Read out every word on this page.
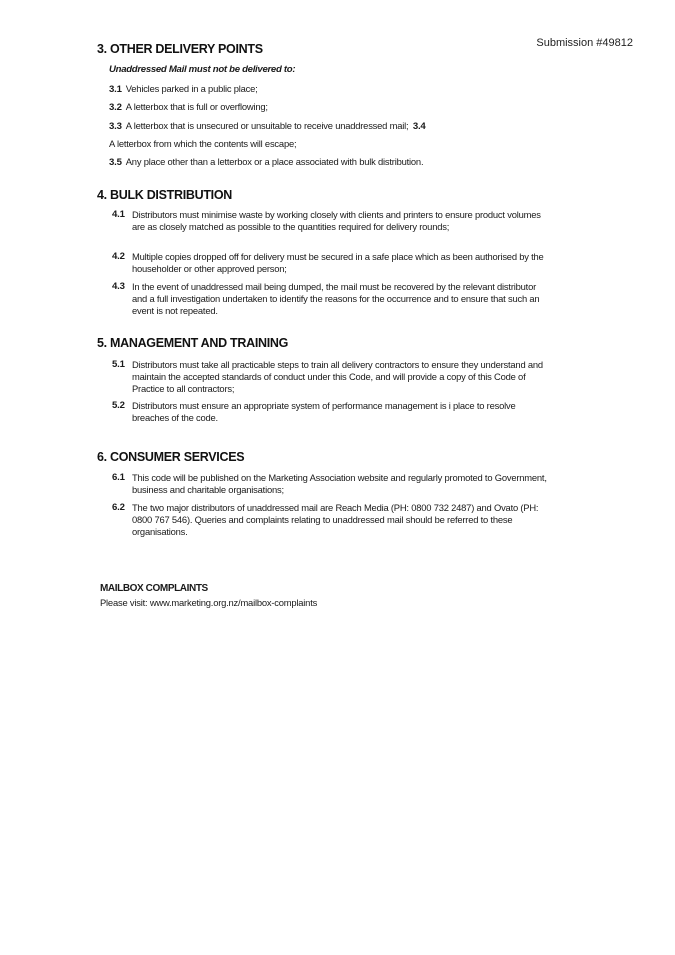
Submission #49812
3. OTHER DELIVERY POINTS
Unaddressed Mail must not be delivered to:
3.1 Vehicles parked in a public place;
3.2 A letterbox that is full or overflowing;
3.3 A letterbox that is unsecured or unsuitable to receive unaddressed mail; 3.4
A letterbox from which the contents will escape;
3.5 Any place other than a letterbox or a place associated with bulk distribution.
4. BULK DISTRIBUTION
4.1 Distributors must minimise waste by working closely with clients and printers to ensure product volumes are as closely matched as possible to the quantities required for delivery rounds;
4.2 Multiple copies dropped off for delivery must be secured in a safe place which as been authorised by the householder or other approved person;
4.3 In the event of unaddressed mail being dumped, the mail must be recovered by the relevant distributor and a full investigation undertaken to identify the reasons for the occurrence and to ensure that such an event is not repeated.
5. MANAGEMENT AND TRAINING
5.1 Distributors must take all practicable steps to train all delivery contractors to ensure they understand and maintain the accepted standards of conduct under this Code, and will provide a copy of this Code of Practice to all contractors;
5.2 Distributors must ensure an appropriate system of performance management is i place to resolve breaches of the code.
6. CONSUMER SERVICES
6.1 This code will be published on the Marketing Association website and regularly promoted to Government, business and charitable organisations;
6.2 The two major distributors of unaddressed mail are Reach Media (PH: 0800 732 2487) and Ovato (PH: 0800 767 546). Queries and complaints relating to unaddressed mail should be referred to these organisations.
MAILBOX COMPLAINTS
Please visit: www.marketing.org.nz/mailbox-complaints
